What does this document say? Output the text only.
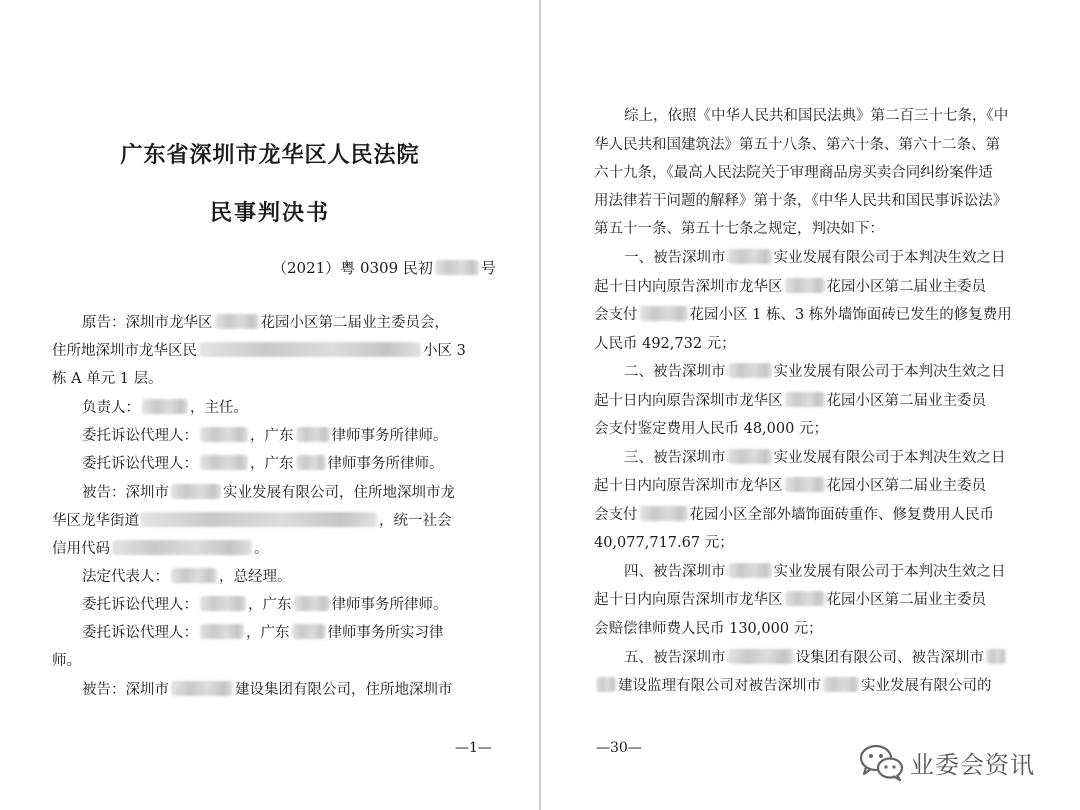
广东省深圳市龙华区人民法院
民事判决书
（2021）粤 0309 民初	号
原告：深圳市龙华区	花园小区第二届业主委员会，
住所地深圳市龙华区民	小区 3
栋 A 单元 1 层。
负责人：	，主任。
委托诉讼代理人：	，广东	律师事务所律师。
委托诉讼代理人：	，广东 律师事务所律师。
被告：深圳市	实业发展有限公司，住所地深圳市龙
华区龙华街道	，统一社会
信用代码	。
法定代表人：	，总经理。
委托诉讼代理人：	，广东	律师事务所律师。
委托诉讼代理人：	，广东	律师事务所实习律
师。
被告：深圳市	建设集团有限公司，住所地深圳市
—1—
综上，依照《中华人民共和国民法典》第二百三十七条，《中
华人民共和国建筑法》第五十八条、第六十条、第六十二条、第
六十九条，《最高人民法院关于审理商品房买卖合同纠纷案件适
用法律若干问题的解释》第十条，《中华人民共和国民事诉讼法》
第五十一条、第五十七条之规定，判决如下：
一、被告深圳市	实业发展有限公司于本判决生效之日
起十日内向原告深圳市龙华区	花园小区第二届业主委员
会支付	花园小区 1 栋、3 栋外墙饰面砖已发生的修复费用
人民币 492,732 元；
二、被告深圳市	实业发展有限公司于本判决生效之日
起十日内向原告深圳市龙华区	花园小区第二届业主委员
会支付鉴定费用人民币 48,000 元；
三、被告深圳市	实业发展有限公司于本判决生效之日
起十日内向原告深圳市龙华区	花园小区第二届业主委员
会支付	花园小区全部外墙饰面砖重作、修复费用人民币
40,077,717.67 元；
四、被告深圳市	实业发展有限公司于本判决生效之日
起十日内向原告深圳市龙华区	花园小区第二届业主委员
会赔偿律师费人民币 130,000 元；
五、被告深圳市	设集团有限公司、被告深圳市
建设监理有限公司对被告深圳市	实业发展有限公司的
—30—
业委会资讯
